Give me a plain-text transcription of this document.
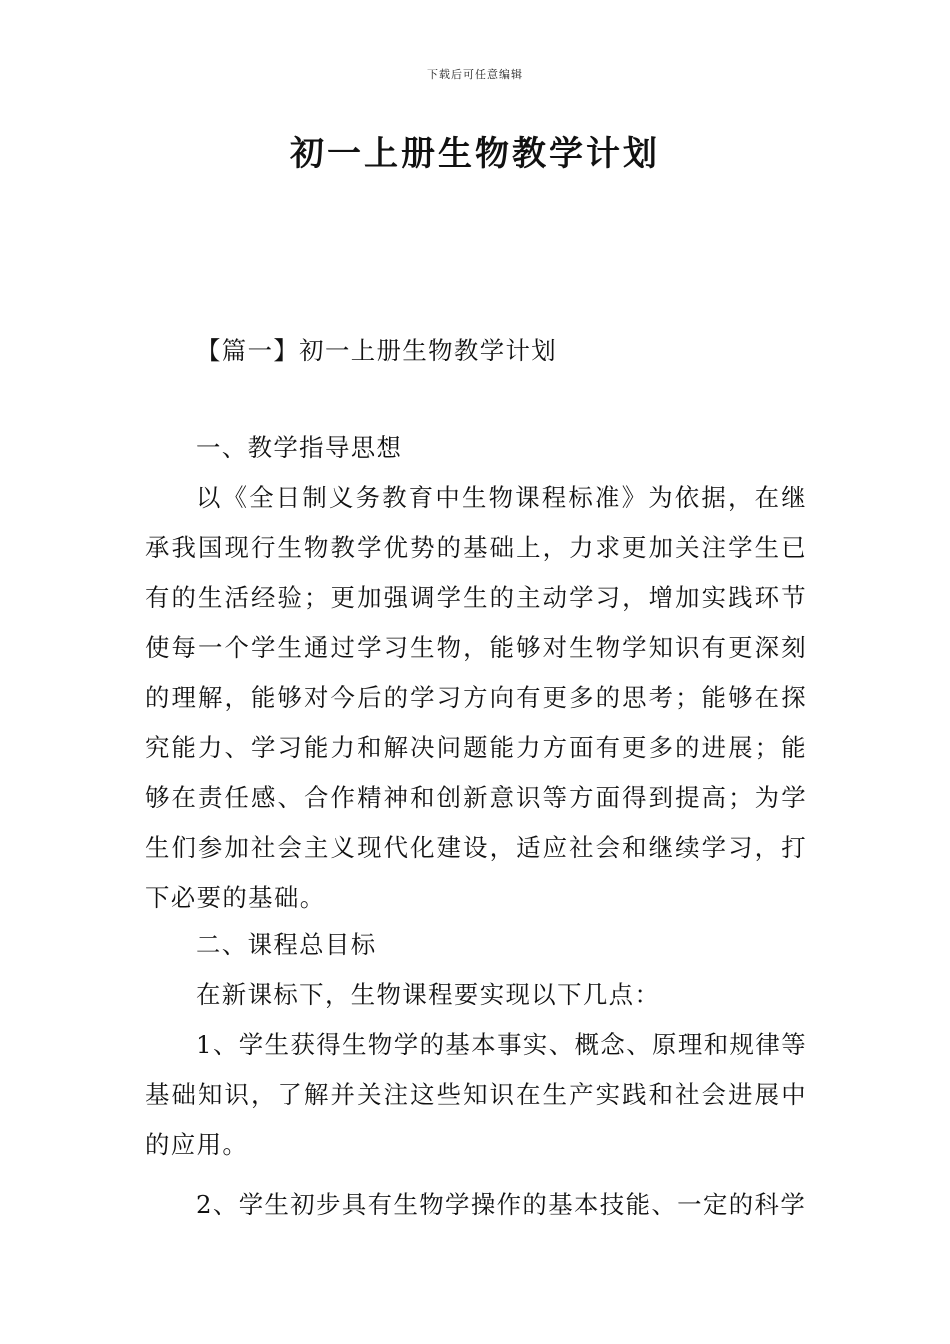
下载后可任意编辑
初一上册生物教学计划
【篇一】初一上册生物教学计划
一、教学指导思想

以《全日制义务教育中生物课程标准》为依据，在继承我国现行生物教学优势的基础上，力求更加关注学生已有的生活经验；更加强调学生的主动学习，增加实践环节使每一个学生通过学习生物，能够对生物学知识有更深刻的理解，能够对今后的学习方向有更多的思考；能够在探究能力、学习能力和解决问题能力方面有更多的进展；能够在责任感、合作精神和创新意识等方面得到提高；为学生们参加社会主义现代化建设，适应社会和继续学习，打下必要的基础。

二、课程总目标

在新课标下，生物课程要实现以下几点：

1、学生获得生物学的基本事实、概念、原理和规律等基础知识，了解并关注这些知识在生产实践和社会进展中的应用。

2、学生初步具有生物学操作的基本技能、一定的科学
